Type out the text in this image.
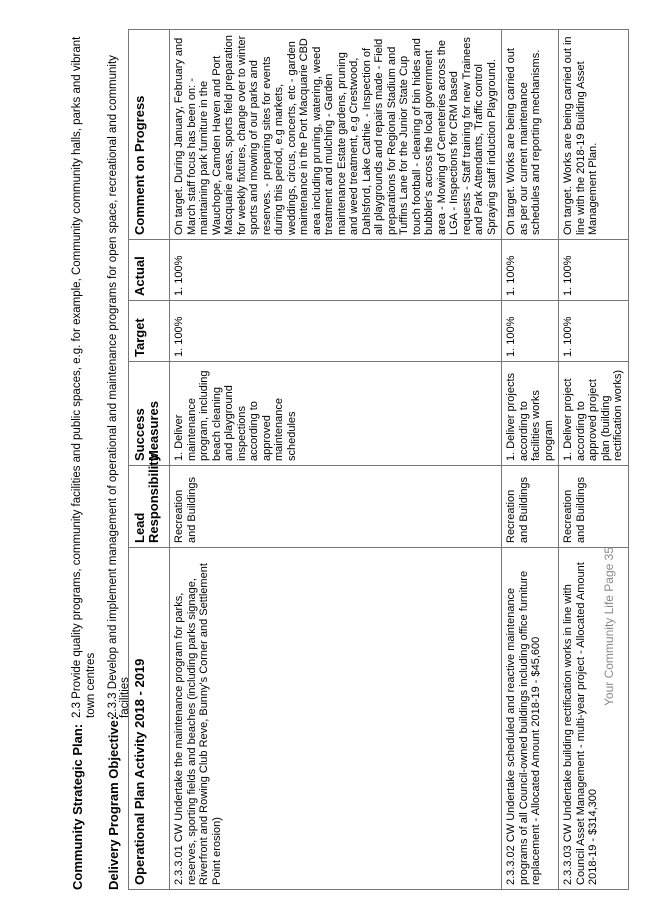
Community Strategic Plan:
2.3 Provide quality programs, community facilities and public spaces, e.g. for example, Community community halls, parks and vibrant town centres
Delivery Program Objective:
2.3.3 Develop and implement management of operational and maintenance programs for open space, recreational and community facilities Operational Plan Activity 2018 - 2019	Lead Responsibility	Success Measures	Target	Actual	Comment on Progress
2.3.3.01 CW Undertake the maintenance program for parks, reserves, sporting fields and beaches (including parks signage, Riverfront and Rowing Club Reve, Bunny's Corner and Settlement Point erosion)	Recreation and Buildings	1. Deliver maintenance program, including beach cleaning and playground inspections according to approved maintenance schedules	1. 100%	1. 100%	On target. During January, February and March staff focus has been on: - maintaining park furniture in the Wauchope, Camden Haven and Port Macquarie areas, sports field preparation for weekly fixtures, change over to winter sports and mowing of our parks and reserves. - preparing sites for events during this period, e.g markets, weddings, circus, concerts, etc - garden maintenance in the Port Macquarie CBD area including pruning, watering, weed treatment and mulching - Garden maintenance Estate gardens, pruning and weed treatment, e.g Crestwood, Dahlsford, Lake Cathie. - Inspection of all playgrounds and repairs made - Field preparations for Regional Stadium and Tuffins Lane for the Junior State Cup touch football - cleaning of bin hides and bubbler's across the local government area - Mowing of Cemeteries across the LGA - Inspections for CRM based requests - Staff training for new Trainees and Park Attendants, Traffic control Spraying staff induction Playground.
2.3.3.02 CW Undertake scheduled and reactive maintenance programs of all Council-owned buildings including office furniture replacement - Allocated Amount 2018-19 - $45,600	Recreation and Buildings	1. Deliver projects according to facilities works program	1. 100%	1. 100%	On target. Works are being carried out as per our current maintenance schedules and reporting mechanisms.
2.3.3.03 CW Undertake building rectification works in line with Council Asset Management - multi-year project - Allocated Amount 2018-19 - $314,300	Recreation and Buildings	1. Deliver project according to approved project plan (building rectification works)	1. 100%	1. 100%	On target. Works are being carried out in line with the 2018-19 Building Asset Management Plan.
Your Community Life Page 35
